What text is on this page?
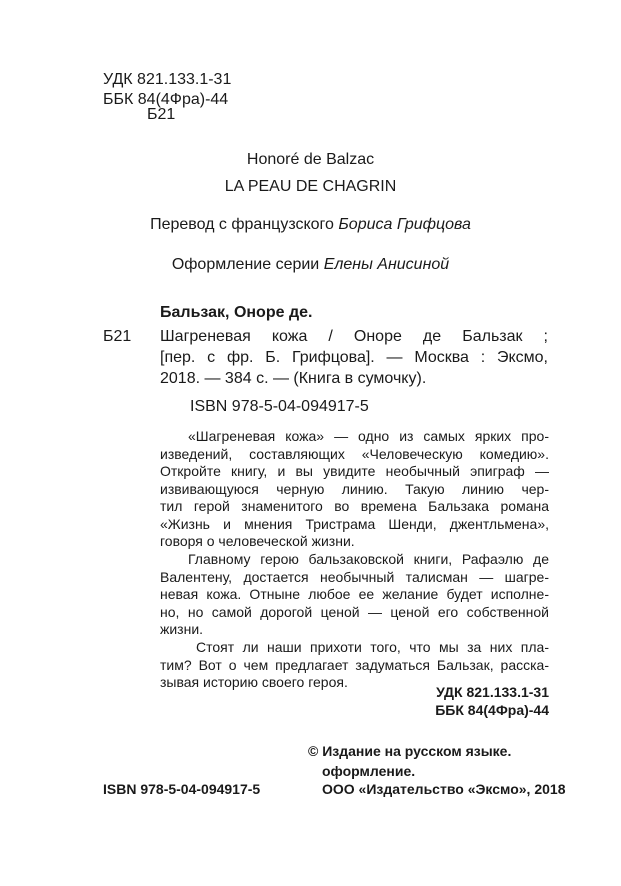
УДК 821.133.1-31
ББК 84(4Фра)-44
Б21
Honoré de Balzac
LA PEAU DE CHAGRIN
Перевод с французского Бориса Грифцова
Оформление серии Елены Анисиной
Бальзак, Оноре де.
Б21 Шагреневая кожа / Оноре де Бальзак ;
[пер. с фр. Б. Грифцова]. — Москва : Эксмо,
2018. — 384 с. — (Книга в сумочку).
ISBN 978-5-04-094917-5
«Шагреневая кожа» — одно из самых ярких про-
изведений, составляющих «Человеческую комедию».
Откройте книгу, и вы увидите необычный эпиграф —
извивающуюся черную линию. Такую линию чер-
тил герой знаменитого во времена Бальзака романа
«Жизнь и мнения Тристрама Шенди, джентльмена»,
говоря о человеческой жизни.
Главному герою бальзаковской книги, Рафаэлю де
Валентену, достается необычный талисман — шагре-
невая кожа. Отныне любое ее желание будет исполне-
но, но самой дорогой ценой — ценой его собственной
жизни.
Стоят ли наши прихоти того, что мы за них пла-
тим? Вот о чем предлагает задуматься Бальзак, расска-
зывая историю своего героя.
УДК 821.133.1-31
ББК 84(4Фра)-44
© Издание на русском языке.
оформление.
ООО «Издательство «Эксмо», 2018
ISBN 978-5-04-094917-5
